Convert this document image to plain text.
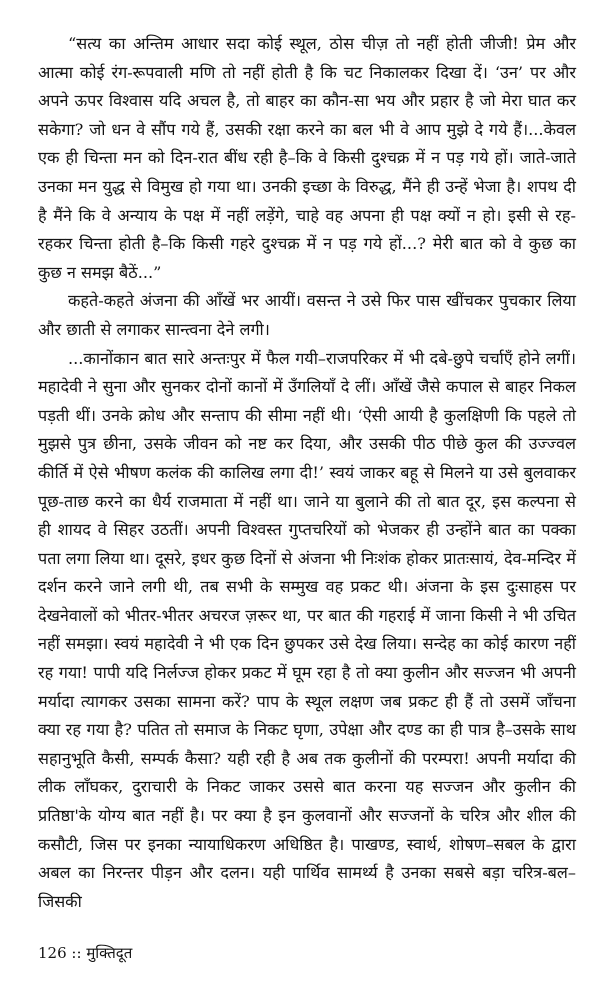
“सत्य का अन्तिम आधार सदा कोई स्थूल, ठोस चीज़ तो नहीं होती जीजी! प्रेम और आत्मा कोई रंग-रूपवाली मणि तो नहीं होती है कि चट निकालकर दिखा दें। ‘उन’ पर और अपने ऊपर विश्वास यदि अचल है, तो बाहर का कौन-सा भय और प्रहार है जो मेरा घात कर सकेगा? जो धन वे सौंप गये हैं, उसकी रक्षा करने का बल भी वे आप मुझे दे गये हैं।...केवल एक ही चिन्ता मन को दिन-रात बींध रही है–कि वे किसी दुश्चक्र में न पड़ गये हों। जाते-जाते उनका मन युद्ध से विमुख हो गया था। उनकी इच्छा के विरुद्ध, मैंने ही उन्हें भेजा है। शपथ दी है मैंने कि वे अन्याय के पक्ष में नहीं लड़ेंगे, चाहे वह अपना ही पक्ष क्यों न हो। इसी से रह-रहकर चिन्ता होती है–कि किसी गहरे दुश्चक्र में न पड़ गये हों...? मेरी बात को वे कुछ का कुछ न समझ बैठें...”

कहते-कहते अंजना की आँखें भर आयीं। वसन्त ने उसे फिर पास खींचकर पुचकार लिया और छाती से लगाकर सान्त्वना देने लगी।

...कानोंकान बात सारे अन्तःपुर में फैल गयी–राजपरिकर में भी दबे-छुपे चर्चाएँ होने लगीं। महादेवी ने सुना और सुनकर दोनों कानों में उँगलियाँ दे लीं। आँखें जैसे कपाल से बाहर निकल पड़ती थीं। उनके क्रोध और सन्ताप की सीमा नहीं थी। ‘ऐसी आयी है कुलक्षिणी कि पहले तो मुझसे पुत्र छीना, उसके जीवन को नष्ट कर दिया, और उसकी पीठ पीछे कुल की उज्ज्वल कीर्ति में ऐसे भीषण कलंक की कालिख लगा दी!’ स्वयं जाकर बहू से मिलने या उसे बुलवाकर पूछ-ताछ करने का धैर्य राजमाता में नहीं था। जाने या बुलाने की तो बात दूर, इस कल्पना से ही शायद वे सिहर उठतीं। अपनी विश्वस्त गुप्तचरियों को भेजकर ही उन्होंने बात का पक्का पता लगा लिया था। दूसरे, इधर कुछ दिनों से अंजना भी निःशंक होकर प्रातःसायं, देव-मन्दिर में दर्शन करने जाने लगी थी, तब सभी के सम्मुख वह प्रकट थी। अंजना के इस दुःसाहस पर देखनेवालों को भीतर-भीतर अचरज ज़रूर था, पर बात की गहराई में जाना किसी ने भी उचित नहीं समझा। स्वयं महादेवी ने भी एक दिन छुपकर उसे देख लिया। सन्देह का कोई कारण नहीं रह गया! पापी यदि निर्लज्ज होकर प्रकट में घूम रहा है तो क्या कुलीन और सज्जन भी अपनी मर्यादा त्यागकर उसका सामना करें? पाप के स्थूल लक्षण जब प्रकट ही हैं तो उसमें जाँचना क्या रह गया है? पतित तो समाज के निकट घृणा, उपेक्षा और दण्ड का ही पात्र है–उसके साथ सहानुभूति कैसी, सम्पर्क कैसा? यही रही है अब तक कुलीनों की परम्परा! अपनी मर्यादा की लीक लाँघकर, दुराचारी के निकट जाकर उससे बात करना यह सज्जन और कुलीन की प्रतिष्ठा'के योग्य बात नहीं है। पर क्या है इन कुलवानों और सज्जनों के चरित्र और शील की कसौटी, जिस पर इनका न्यायाधिकरण अधिष्ठित है। पाखण्ड, स्वार्थ, शोषण–सबल के द्वारा अबल का निरन्तर पीड़न और दलन। यही पार्थिव सामर्थ्य है उनका सबसे बड़ा चरित्र-बल–जिसकी

126 :: मुक्तिदूत
